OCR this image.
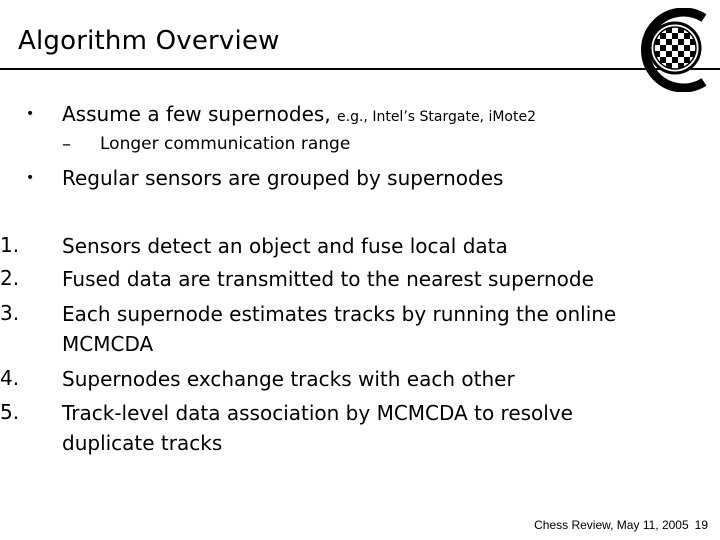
Algorithm Overview
• Assume a few supernodes, e.g., Intel’s Stargate, iMote2
– Longer communication range
• Regular sensors are grouped by supernodes
1. Sensors detect an object and fuse local data
2. Fused data are transmitted to the nearest supernode
3. Each supernode estimates tracks by running the online
MCMCDA
4. Supernodes exchange tracks with each other
5. Track-level data association by MCMCDA to resolve
duplicate tracks
Chess Review, May 11, 2005 19
